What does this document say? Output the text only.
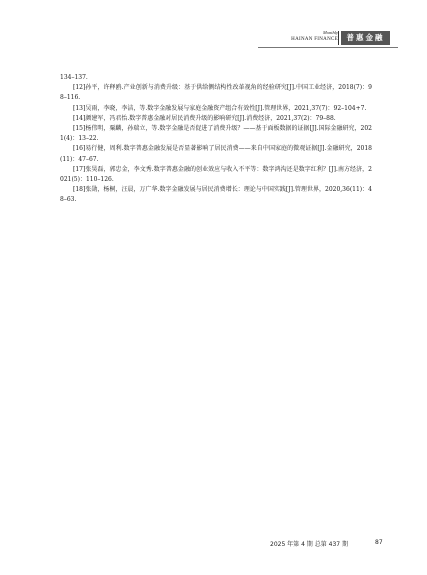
Monthly
HAINAN FINANCE	普惠金融

134–137.

[12]孙平，许释鸥.产业创新与消费升级：基于供给侧结构性改革视角的经验研究[J].中国工业经济，2018(7)：98–116.

[13]吴雨，李晓，李洁，等.数字金融发展与家庭金融资产组合有效性[J].管理世界，2021,37(7)：92–104+7.

[14]颜建军，冯君怡.数字普惠金融对居民消费升级的影响研究[J].消费经济，2021,37(2)：79–88.

[15]杨伟明，粟麟，孙瑞立，等.数字金融是否促进了消费升级？——基于面板数据的证据[J].国际金融研究，2021(4)：13–22.

[16]易行健，周利.数字普惠金融发展是否显著影响了居民消费——来自中国家庭的微观证据[J].金融研究，2018(11)：47–67.

[17]张昊磊，郭忠金，李文秀.数字普惠金融的创业效应与收入不平等：数字鸿沟还是数字红利？[J].南方经济，2021(5)：110–126.

[18]张勋，杨桐，汪晨，万广华.数字金融发展与居民消费增长：理论与中国实践[J].管理世界，2020,36(11)：48–63.

2025 年第 4 期 总第 437 期	87
